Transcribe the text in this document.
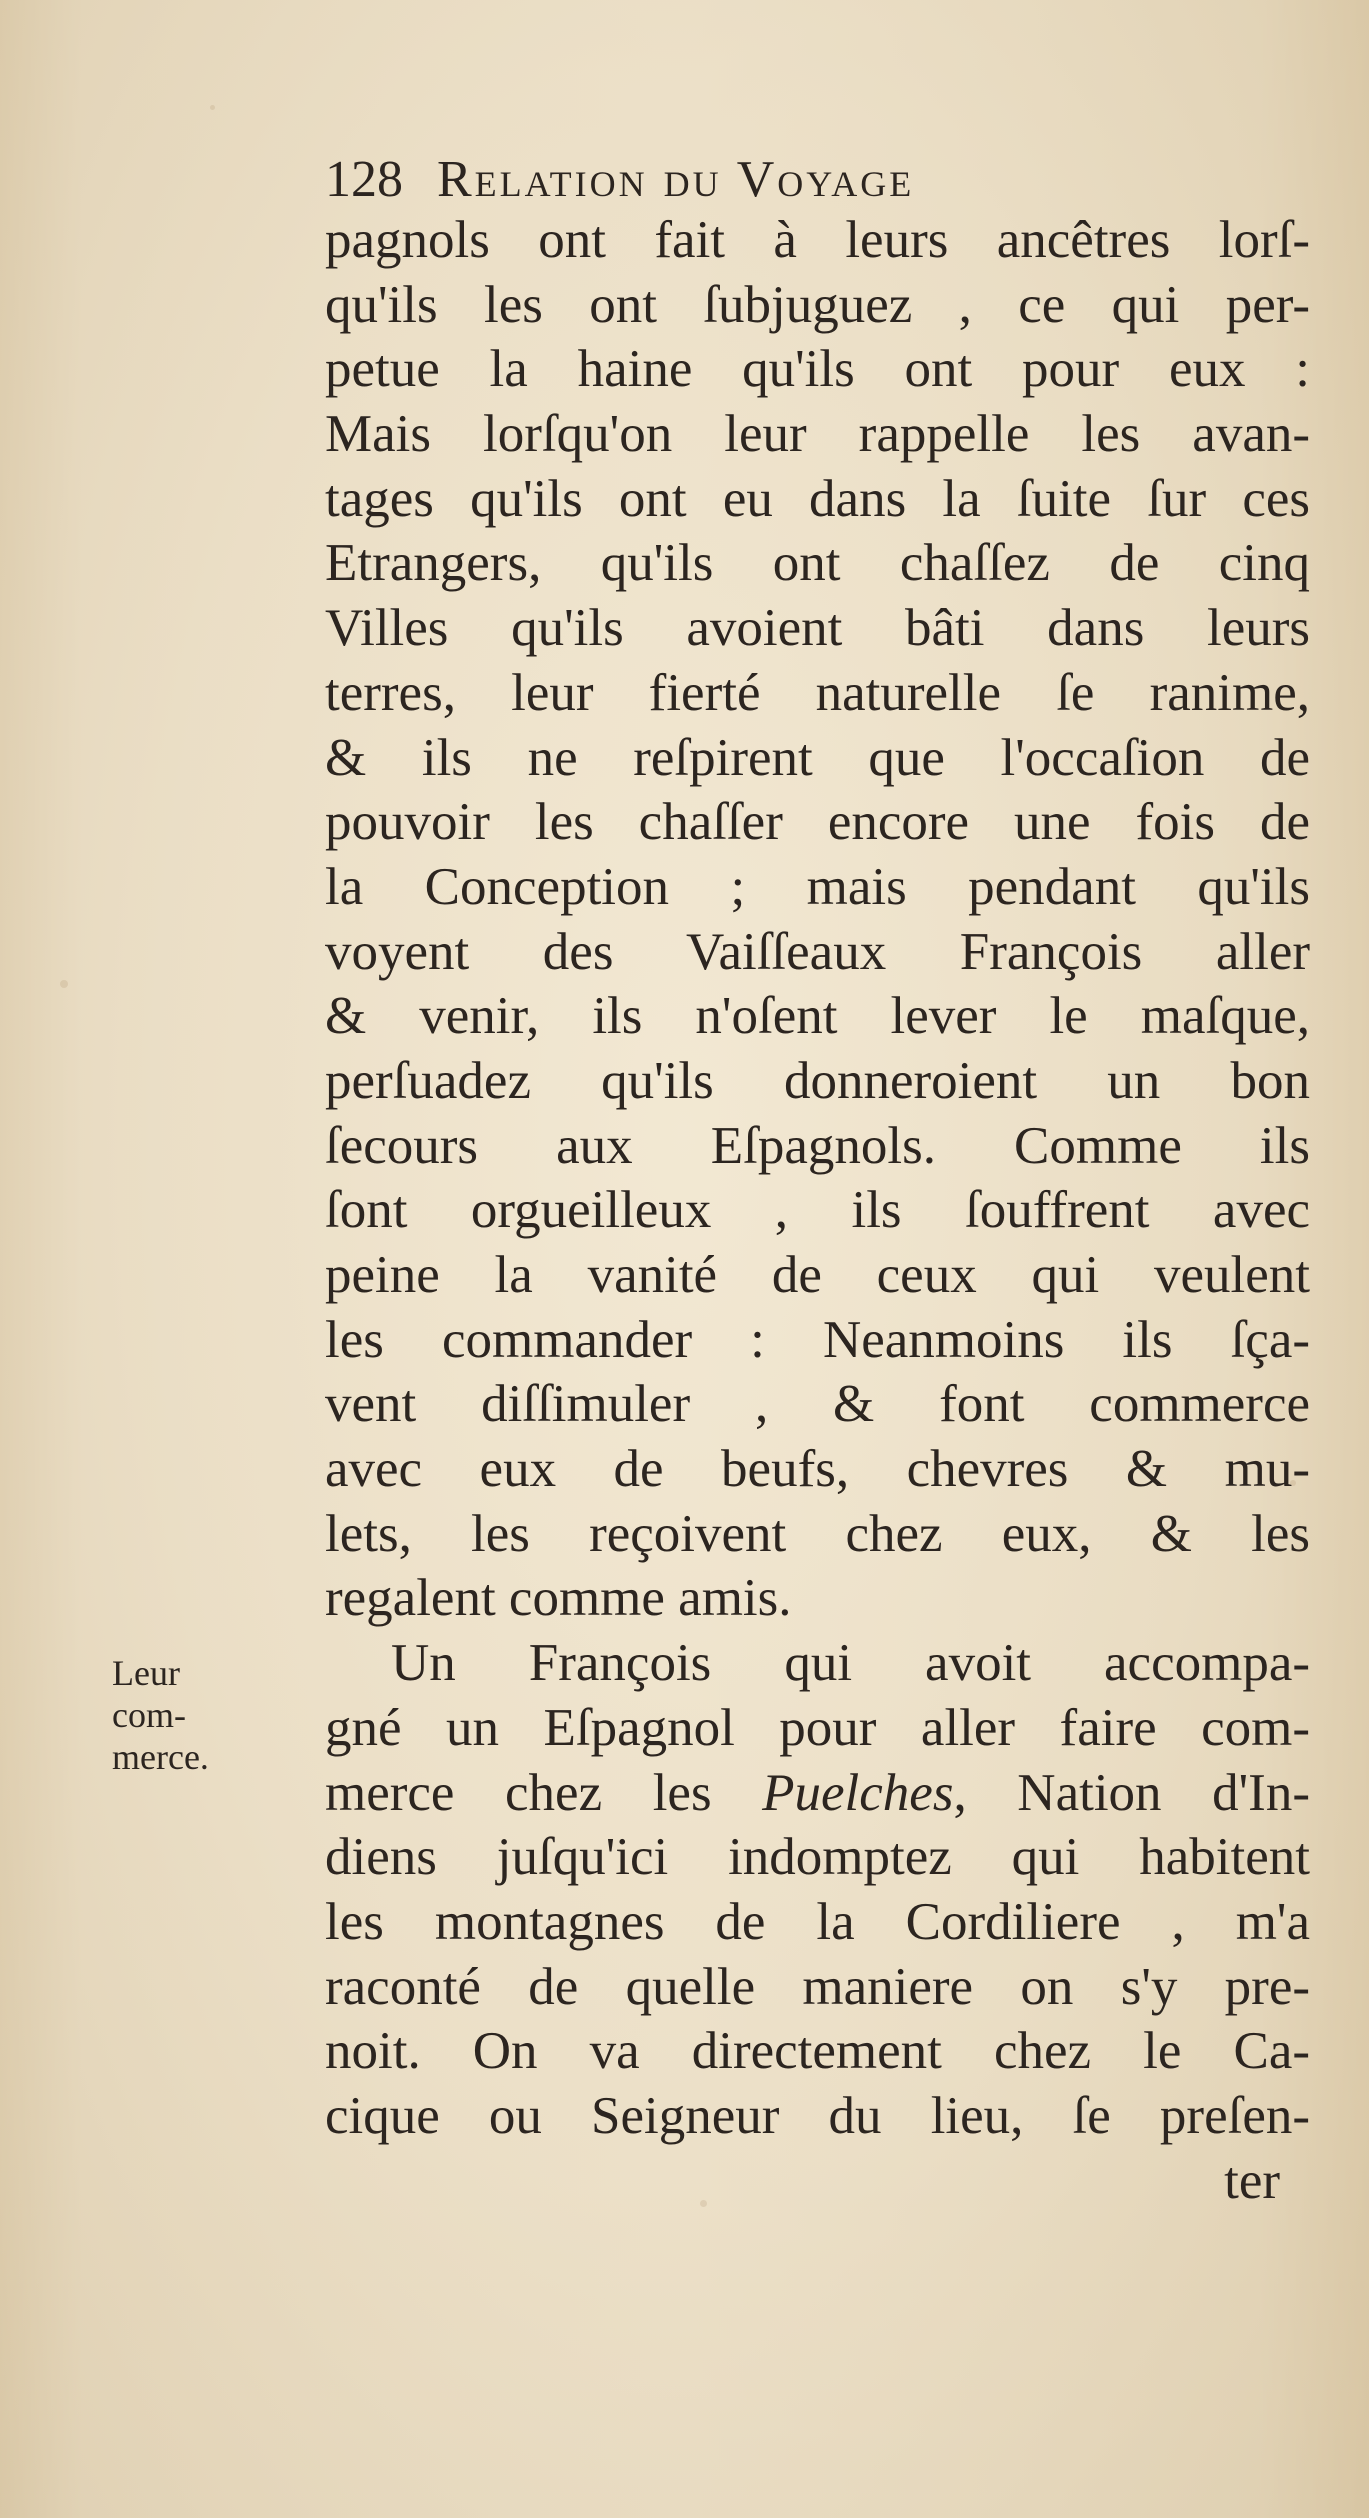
128 Relation du Voyage
pagnols ont fait à leurs ancêtres lorſ-
qu'ils les ont ſubjuguez , ce qui per-
petue la haine qu'ils ont pour eux :
Mais lorſqu'on leur rappelle les avan-
tages qu'ils ont eu dans la ſuite ſur ces
Etrangers, qu'ils ont chaſſez de cinq
Villes qu'ils avoient bâti dans leurs
terres, leur fierté naturelle ſe ranime,
& ils ne reſpirent que l'occaſion de
pouvoir les chaſſer encore une fois de
la Conception ; mais pendant qu'ils
voyent des Vaiſſeaux François aller
& venir, ils n'oſent lever le maſque,
perſuadez qu'ils donneroient un bon
ſecours aux Eſpagnols. Comme ils
ſont orgueilleux , ils ſouffrent avec
peine la vanité de ceux qui veulent
les commander : Neanmoins ils ſça-
vent diſſimuler , & font commerce
avec eux de beufs, chevres & mu-
lets, les reçoivent chez eux, & les
regalent comme amis.
Un François qui avoit accompa-
gné un Eſpagnol pour aller faire com-
merce chez les Puelches, Nation d'In-
diens juſqu'ici indomptez qui habitent
les montagnes de la Cordiliere , m'a
raconté de quelle maniere on s'y pre-
noit. On va directement chez le Ca-
cique ou Seigneur du lieu, ſe preſen-
ter
Leur
com-
merce.
